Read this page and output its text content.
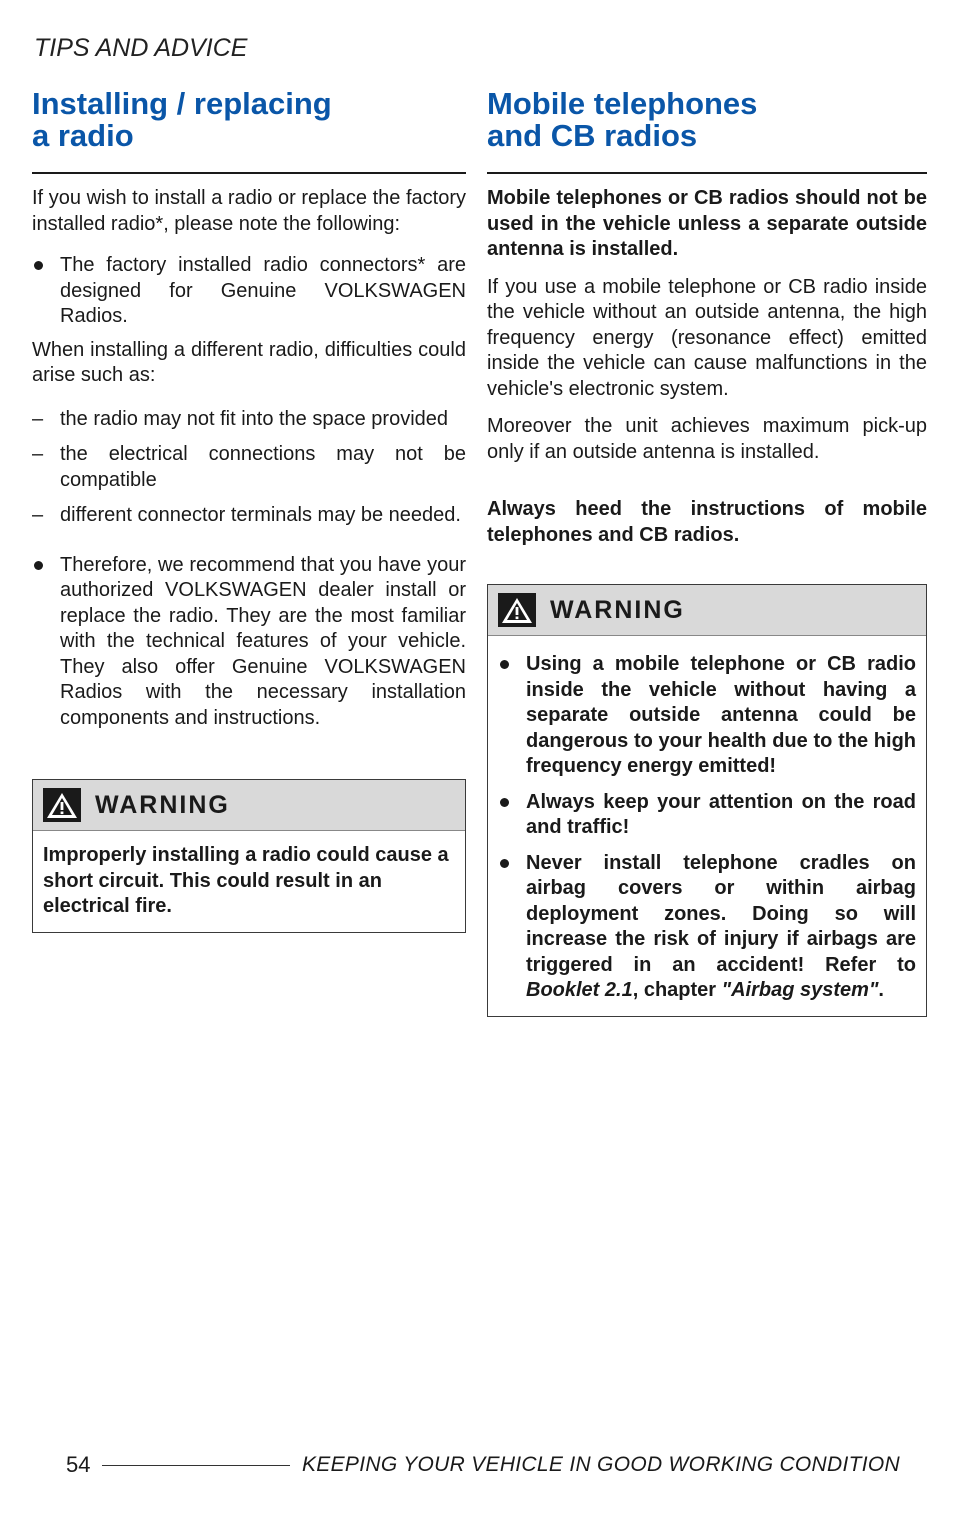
TIPS AND ADVICE
Installing / replacing
a radio

If you wish to install a radio or replace the factory installed radio*, please note the following:

The factory installed radio connectors* are designed for Genuine VOLKSWAGEN Radios.

When installing a different radio, difficulties could arise such as:

– the radio may not fit into the space provided

– the electrical connections may not be compatible

– different connector terminals may be needed.

Therefore, we recommend that you have your authorized VOLKSWAGEN dealer install or replace the radio. They are the most familiar with the technical features of your vehicle. They also offer Genuine VOLKSWAGEN Radios with the necessary installation components and instructions.

WARNING

Improperly installing a radio could cause a short circuit. This could result in an electrical fire.

Mobile telephones
and CB radios

Mobile telephones or CB radios should not be used in the vehicle unless a separate outside antenna is installed.

If you use a mobile telephone or CB radio inside the vehicle without an outside antenna, the high frequency energy (resonance effect) emitted inside the vehicle can cause malfunctions in the vehicle's electronic system.

Moreover the unit achieves maximum pick-up only if an outside antenna is installed.

Always heed the instructions of mobile telephones and CB radios.

WARNING

Using a mobile telephone or CB radio inside the vehicle without having a separate outside antenna could be dangerous to your health due to the high frequency energy emitted!

Always keep your attention on the road and traffic!

Never install telephone cradles on airbag covers or within airbag deployment zones. Doing so will increase the risk of injury if airbags are triggered in an accident! Refer to Booklet 2.1, chapter "Airbag system".

54	KEEPING YOUR VEHICLE IN GOOD WORKING CONDITION
